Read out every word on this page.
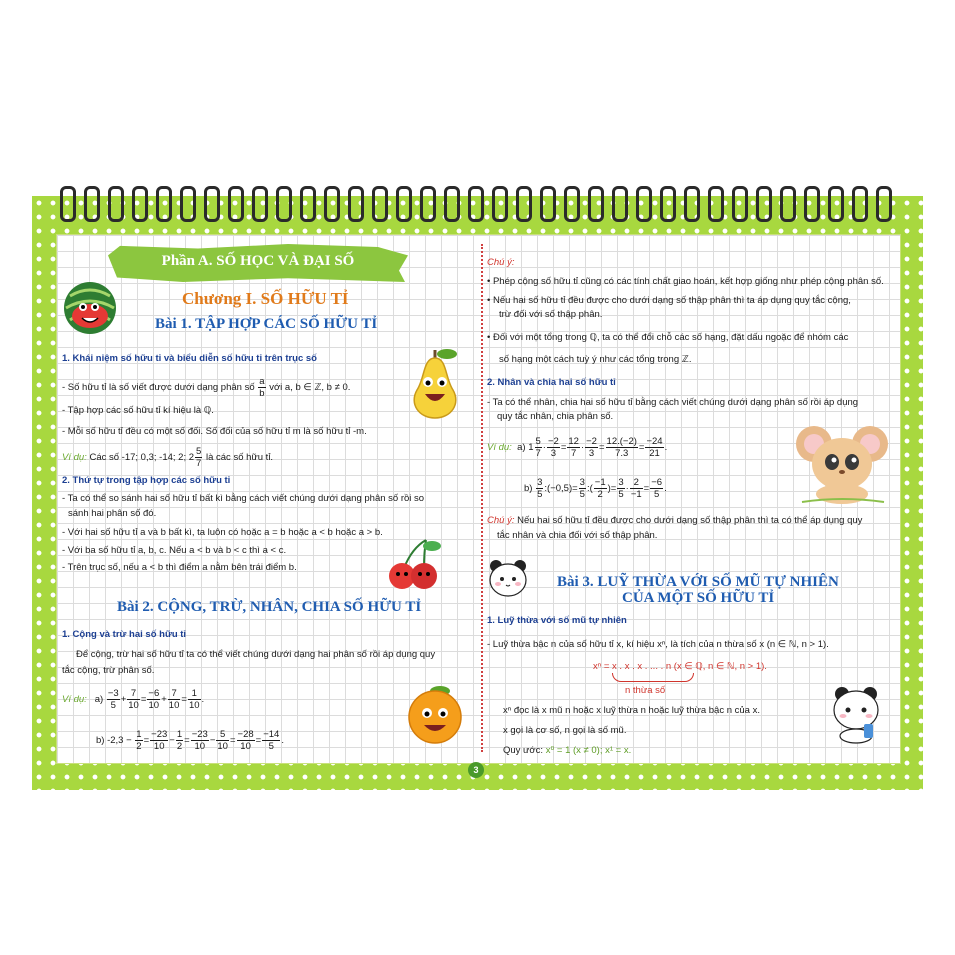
Phần A. SỐ HỌC VÀ ĐẠI SỐ
Chương I. SỐ HỮU TỈ
Bài 1. TẬP HỢP CÁC SỐ HỮU TỈ
1. Khái niệm số hữu tỉ và biểu diễn số hữu tỉ trên trục số
- Số hữu tỉ là số viết được dưới dạng phân số $\frac{a}{b}$ với a, b ∈ ℤ, b ≠ 0.
- Tập hợp các số hữu tỉ kí hiệu là ℚ.
- Mỗi số hữu tỉ đều có một số đối. Số đối của số hữu tỉ m là số hữu tỉ -m.
Ví dụ: Các số -17; 0,3; -14; 2; $2 \frac{5}{7}$ là các số hữu tỉ.
2. Thứ tự trong tập hợp các số hữu tỉ
- Ta có thể so sánh hai số hữu tỉ bất kì bằng cách viết chúng dưới dạng phân số rồi so
sánh hai phân số đó.
- Với hai số hữu tỉ a và b bất kì, ta luôn có hoặc a = b hoặc a < b hoặc a > b.
- Với ba số hữu tỉ a, b, c. Nếu a < b và b < c thì a < c.
- Trên trục số, nếu a < b thì điểm a nằm bên trái điểm b.
Bài 2. CỘNG, TRỪ, NHÂN, CHIA SỐ HỮU TỈ
1. Cộng và trừ hai số hữu tỉ
Để cộng, trừ hai số hữu tỉ ta có thể viết chúng dưới dạng hai phân số rồi áp dụng quy
tắc cộng, trừ phân số.
Ví dụ: $a) \frac{-3}{5} + \frac{7}{10} = \frac{-6}{10} + \frac{7}{10} = \frac{1}{10}$ .
b) $-2,3 - \frac{1}{2} = \frac{-23}{10} - \frac{1}{2} = \frac{-23}{10} - \frac{5}{10} = \frac{-28}{10} = \frac{-14}{5}$ .
3
Chú ý:
• Phép cộng số hữu tỉ cũng có các tính chất giao hoán, kết hợp giống như phép cộng phân số.
• Nếu hai số hữu tỉ đều được cho dưới dạng số thập phân thì ta áp dụng quy tắc cộng,
trừ đối với số thập phân.
• Đối với một tổng trong ℚ, ta có thể đổi chỗ các số hạng, đặt dấu ngoặc để nhóm các
số hạng một cách tuỳ ý như các tổng trong ℤ.
2. Nhân và chia hai số hữu tỉ
- Ta có thể nhân, chia hai số hữu tỉ bằng cách viết chúng dưới dạng phân số rồi áp dụng
quy tắc nhân, chia phân số.
Ví dụ: a) $1 \frac{5}{7} \cdot \frac{-2}{3} = \frac{12}{7} \cdot \frac{-2}{3} = \frac{12.(-2)}{7.3} = \frac{-24}{21}$ .
$b) \frac{3}{5}$ :(−0,5)= $\frac{3}{5}$ :( $\frac{-1}{2}$ )= $\frac{3}{5} \cdot \frac{2}{-1} = \frac{-6}{5}$ .
Chú ý: Nếu hai số hữu tỉ đều được cho dưới dạng số thập phân thì ta có thể áp dụng quy
tắc nhân và chia đối với số thập phân.
Bài 3. LUỸ THỪA VỚI SỐ MŨ TỰ NHIÊN
CỦA MỘT SỐ HỮU TỈ
1. Luỹ thừa với số mũ tự nhiên
- Luỹ thừa bậc n của số hữu tỉ x, kí hiệu xⁿ, là tích của n thừa số x (n ∈ ℕ, n > 1).
xⁿ = x . x . x . ... . n (x ∈ ℚ, n ∈ ℕ, n > 1).
n thừa số
xⁿ đọc là x mũ n hoặc x luỹ thừa n hoặc luỹ thừa bậc n của x.
x gọi là cơ số, n gọi là số mũ.
Quy ước: x⁰ = 1 (x ≠ 0); x¹ = x.
